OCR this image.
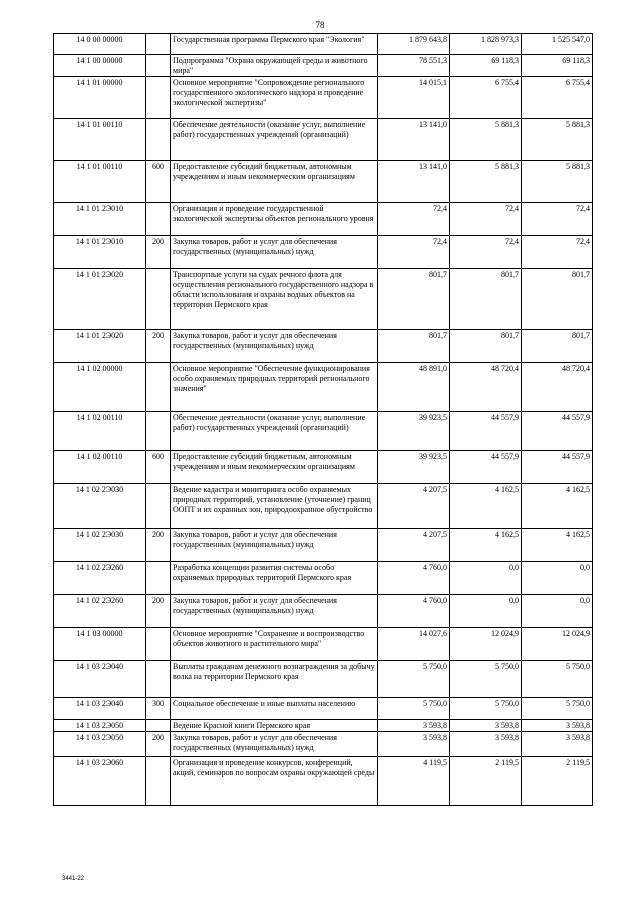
78
14 0 00 00000		Государственная программа Пермского края "Экология"	1 879 643,8	1 828 973,3	1 525 547,0
14 1 00 00000		Подпрограмма "Охрана окружающей среды и животного мира"	78 551,3	69 118,3	69 118,3
14 1 01 00000		Основное мероприятие "Сопровождение регионального государственного экологического надзора и проведение экологической экспертизы"	14 015,1	6 755,4	6 755,4
14 1 01 00110		Обеспечение деятельности (оказание услуг, выполнение работ) государственных учреждений (организаций)	13 141,0	5 881,3	5 881,3
14 1 01 00110	600	Предоставление субсидий бюджетным, автономным учреждениям и иным некоммерческим организациям	13 141,0	5 881,3	5 881,3
14 1 01 2Э010		Организация и проведение государственной экологической экспертизы объектов регионального уровня	72,4	72,4	72,4
14 1 01 2Э010	200	Закупка товаров, работ и услуг для обеспечения государственных (муниципальных) нужд	72,4	72,4	72,4
14 1 01 2Э020		Транспортные услуги на судах речного флота для осуществления регионального государственного надзора в области использования и охраны водных объектов на территории Пермского края	801,7	801,7	801,7
14 1 01 2Э020	200	Закупка товаров, работ и услуг для обеспечения государственных (муниципальных) нужд	801,7	801,7	801,7
14 1 02 00000		Основное мероприятие "Обеспечение функционирования особо охраняемых природных территорий регионального значения"	48 891,0	48 720,4	48 720,4
14 1 02 00110		Обеспечение деятельности (оказание услуг, выполнение работ) государственных учреждений (организаций)	39 923,5	44 557,9	44 557,9
14 1 02 00110	600	Предоставление субсидий бюджетным, автономным учреждениям и иным некоммерческим организациям	39 923,5	44 557,9	44 557,9
14 1 02 2Э030		Ведение кадастра и мониторинга особо охраняемых природных территорий, установление (уточнение) границ ООПТ и их охранных зон, природоохранное обустройство	4 207,5	4 162,5	4 162,5
14 1 02 2Э030	200	Закупка товаров, работ и услуг для обеспечения государственных (муниципальных) нужд	4 207,5	4 162,5	4 162,5
14 1 02 2Э260		Разработка концепции развития системы особо охраняемых природных территорий Пермского края	4 760,0	0,0	0,0
14 1 02 2Э260	200	Закупка товаров, работ и услуг для обеспечения государственных (муниципальных) нужд	4 760,0	0,0	0,0
14 1 03 00000		Основное мероприятие "Сохранение и воспроизводство объектов животного и растительного мира"	14 027,6	12 024,9	12 024,9
14 1 03 2Э040		Выплаты гражданам денежного вознаграждения за добычу волка на территории Пермского края	5 750,0	5 750,0	5 750,0
14 1 03 2Э040	300	Социальное обеспечение и иные выплаты населению	5 750,0	5 750,0	5 750,0
14 1 03 2Э050		Ведение Красной книги Пермского края	3 593,8	3 593,8	3 593,8
14 1 03 2Э050	200	Закупка товаров, работ и услуг для обеспечения государственных (муниципальных) нужд	3 593,8	3 593,8	3 593,8
14 1 03 2Э060		Организация и проведение конкурсов, конференций, акций, семинаров по вопросам охраны окружающей среды	4 119,5	2 119,5	2 119,5
3441-22
